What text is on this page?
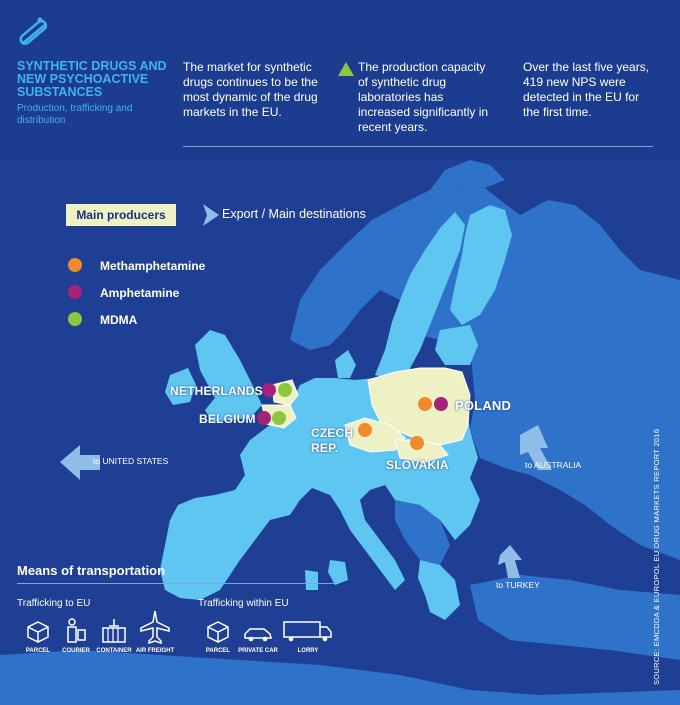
SYNTHETIC DRUGS AND NEW PSYCHOACTIVE SUBSTANCES
Production, trafficking and distribution
The market for synthetic drugs continues to be the most dynamic of the drug markets in the EU.
The production capacity of synthetic drug laboratories has increased significantly in recent years.
Over the last five years, 419 new NPS were detected in the EU for the first time.
Main producers	Export / Main destinations
Methamphetamine
Amphetamine
MDMA
NETHERLANDS
BELGIUM
CZECH
REP.
POLAND
SLOVAKIA
to UNITED STATES	to AUSTRALIA
to TURKEY
Means of transportation
Trafficking to EU	Trafficking within EU
PARCEL	COURIER	CONTAINER AIR FREIGHT	PARCEL	PRIVATE CAR	LORRY	SOURCE: EMCDDA & EUROPOL EU DRUG MARKETS REPORT 2016
